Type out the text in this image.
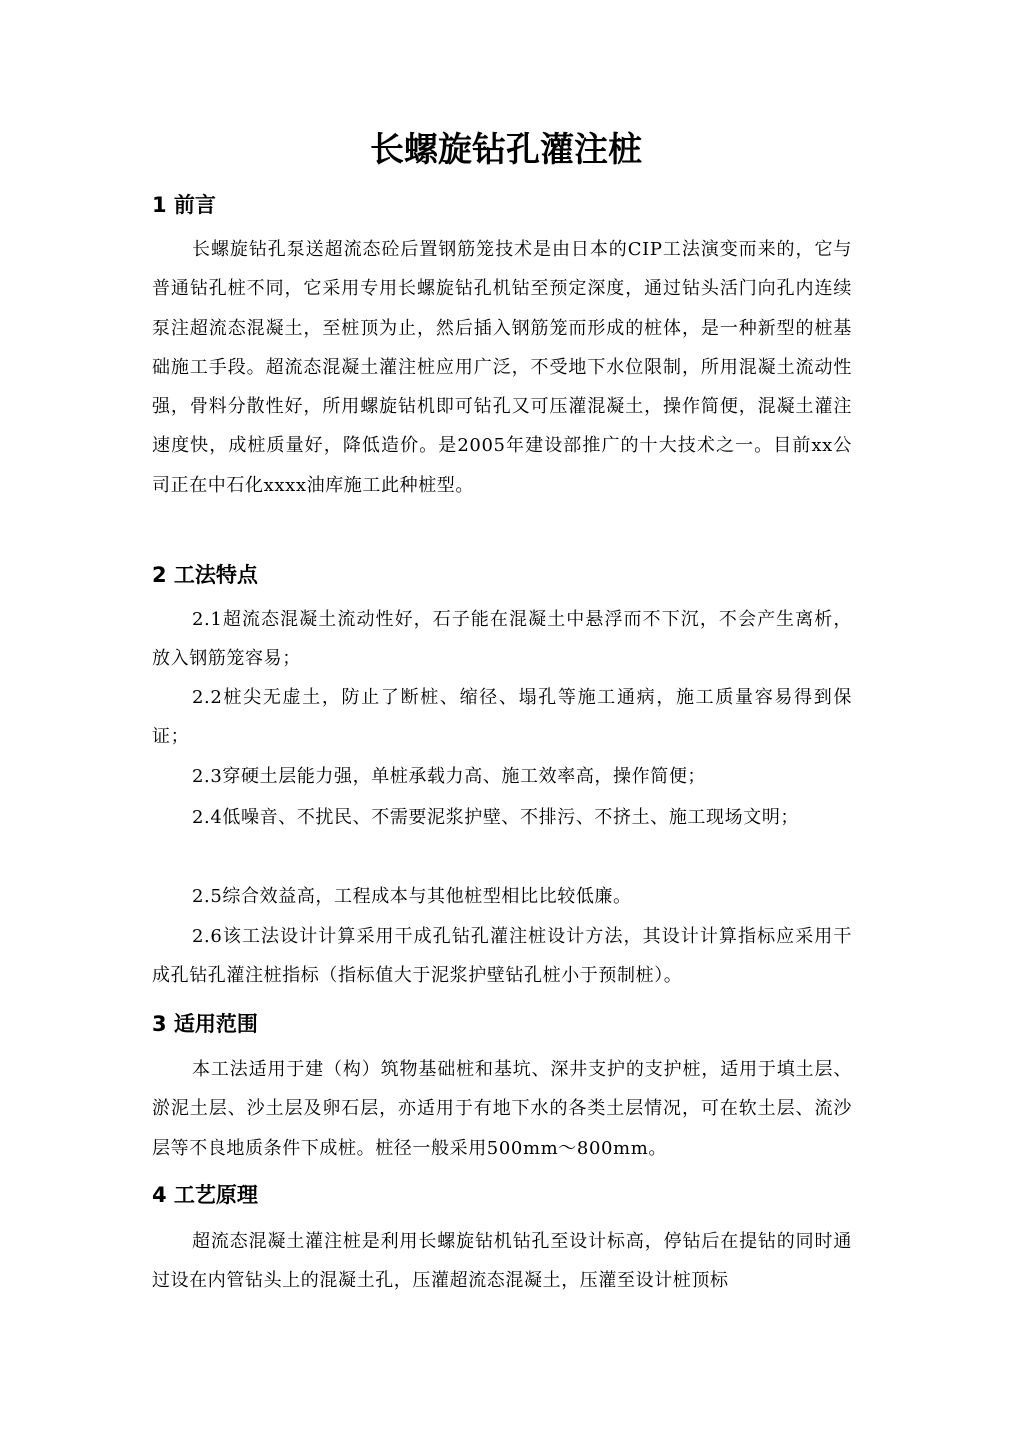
长螺旋钻孔灌注桩
1 前言

长螺旋钻孔泵送超流态砼后置钢筋笼技术是由日本的CIP工法演变而来的，它与普通钻孔桩不同，它采用专用长螺旋钻孔机钻至预定深度，通过钻头活门向孔内连续泵注超流态混凝土，至桩顶为止，然后插入钢筋笼而形成的桩体，是一种新型的桩基础施工手段。超流态混凝土灌注桩应用广泛，不受地下水位限制，所用混凝土流动性强，骨料分散性好，所用螺旋钻机即可钻孔又可压灌混凝土，操作简便，混凝土灌注速度快，成桩质量好，降低造价。是2005年建设部推广的十大技术之一。目前xx公司正在中石化xxxx油库施工此种桩型。

2 工法特点

2.1超流态混凝土流动性好，石子能在混凝土中悬浮而不下沉，不会产生离析，放入钢筋笼容易；

2.2桩尖无虚土，防止了断桩、缩径、塌孔等施工通病，施工质量容易得到保证；

2.3穿硬土层能力强，单桩承载力高、施工效率高，操作简便；

2.4低噪音、不扰民、不需要泥浆护壁、不排污、不挤土、施工现场文明；

2.5综合效益高，工程成本与其他桩型相比比较低廉。

2.6该工法设计计算采用干成孔钻孔灌注桩设计方法，其设计计算指标应采用干成孔钻孔灌注桩指标（指标值大于泥浆护壁钻孔桩小于预制桩）。

3 适用范围

本工法适用于建（构）筑物基础桩和基坑、深井支护的支护桩，适用于填土层、淤泥土层、沙土层及卵石层，亦适用于有地下水的各类土层情况，可在软土层、流沙层等不良地质条件下成桩。桩径一般采用500mm～800mm。

4 工艺原理

超流态混凝土灌注桩是利用长螺旋钻机钻孔至设计标高，停钻后在提钻的同时通过设在内管钻头上的混凝土孔，压灌超流态混凝土，压灌至设计桩顶标
